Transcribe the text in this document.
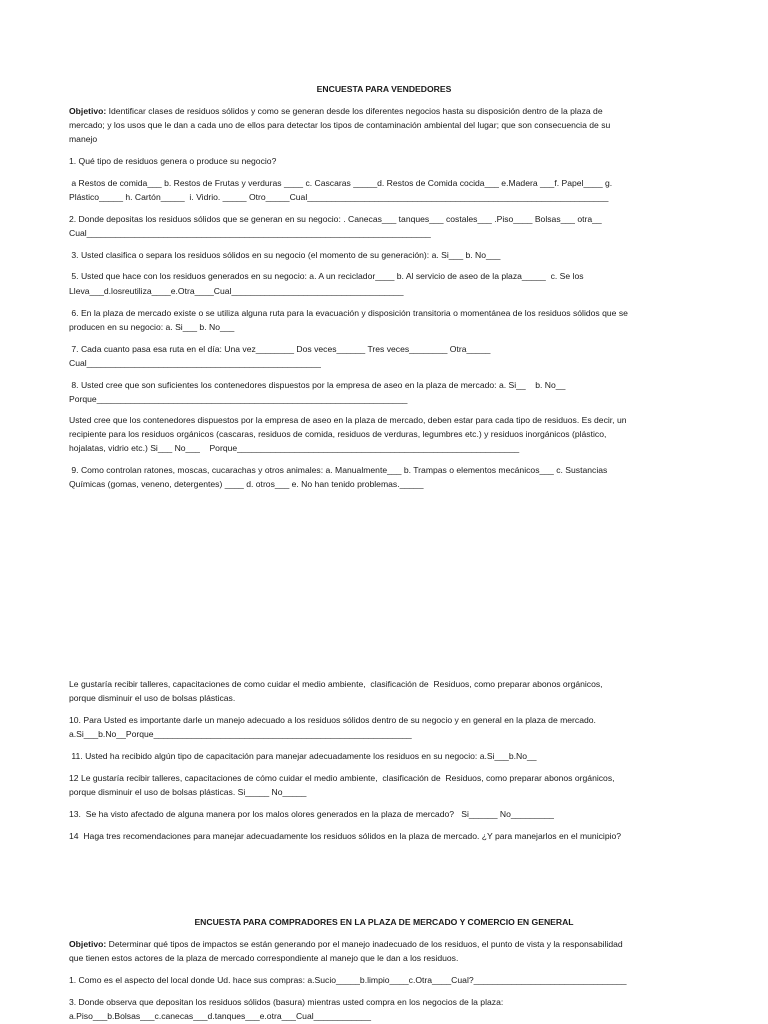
ENCUESTA PARA VENDEDORES
Objetivo: Identificar clases de residuos sólidos y como se generan desde los diferentes negocios hasta su disposición dentro de la plaza de
mercado; y los usos que le dan a cada uno de ellos para detectar los tipos de contaminación ambiental del lugar; que son consecuencia de su
manejo
1. Qué tipo de residuos genera o produce su negocio?
a Restos de comida___ b. Restos de Frutas y verduras ____ c. Cascaras _____d. Restos de Comida cocida___ e.Madera ___f. Papel____ g.
Plástico_____ h. Cartón_____  i. Vidrio. _____ Otro_____Cual_______________________________________________________________
2. Donde depositas los residuos sólidos que se generan en su negocio: . Canecas___ tanques___ costales___ .Piso____ Bolsas___ otra__
Cual________________________________________________________________________
3. Usted clasifica o separa los residuos sólidos en su negocio (el momento de su generación): a. Si___ b. No___
5. Usted que hace con los residuos generados en su negocio: a. A un reciclador____ b. Al servicio de aseo de la plaza_____  c. Se los
Lleva___d.losreutiliza____e.Otra____Cual____________________________________
6. En la plaza de mercado existe o se utiliza alguna ruta para la evacuación y disposición transitoria o momentánea de los residuos sólidos que se
producen en su negocio: a. Si___ b. No___
7. Cada cuanto pasa esa ruta en el día: Una vez________ Dos veces______ Tres veces________ Otra_____
Cual_________________________________________________
8. Usted cree que son suficientes los contenedores dispuestos por la empresa de aseo en la plaza de mercado: a. Si__    b. No__
Porque_________________________________________________________________
Usted cree que los contenedores dispuestos por la empresa de aseo en la plaza de mercado, deben estar para cada tipo de residuos. Es decir, un
recipiente para los residuos orgánicos (cascaras, residuos de comida, residuos de verduras, legumbres etc.) y residuos inorgánicos (plástico,
hojalatas, vidrio etc.) Si___ No___    Porque___________________________________________________________
9. Como controlan ratones, moscas, cucarachas y otros animales: a. Manualmente___ b. Trampas o elementos mecánicos___ c. Sustancias
Químicas (gomas, veneno, detergentes) ____ d. otros___ e. No han tenido problemas._____
Le gustaría recibir talleres, capacitaciones de como cuidar el medio ambiente,  clasificación de  Residuos, como preparar abonos orgánicos,
porque disminuir el uso de bolsas plásticas.
10. Para Usted es importante darle un manejo adecuado a los residuos sólidos dentro de su negocio y en general en la plaza de mercado.
a.Si___b.No__Porque______________________________________________________
11. Usted ha recibido algún tipo de capacitación para manejar adecuadamente los residuos en su negocio: a.Si___b.No__
12 Le gustaría recibir talleres, capacitaciones de cómo cuidar el medio ambiente,  clasificación de  Residuos, como preparar abonos orgánicos,
porque disminuir el uso de bolsas plásticas. Si_____ No_____
13.  Se ha visto afectado de alguna manera por los malos olores generados en la plaza de mercado?   Si______ No_________
14  Haga tres recomendaciones para manejar adecuadamente los residuos sólidos en la plaza de mercado. ¿Y para manejarlos en el municipio?
ENCUESTA PARA COMPRADORES EN LA PLAZA DE MERCADO Y COMERCIO EN GENERAL
Objetivo: Determinar qué tipos de impactos se están generando por el manejo inadecuado de los residuos, el punto de vista y la responsabilidad
que tienen estos actores de la plaza de mercado correspondiente al manejo que le dan a los residuos.
1. Como es el aspecto del local donde Ud. hace sus compras: a.Sucio_____b.limpio____c.Otra____Cual?________________________________
3. Donde observa que depositan los residuos sólidos (basura) mientras usted compra en los negocios de la plaza:
a.Piso___b.Bolsas___c.canecas___d.tanques___e.otra___Cual____________
